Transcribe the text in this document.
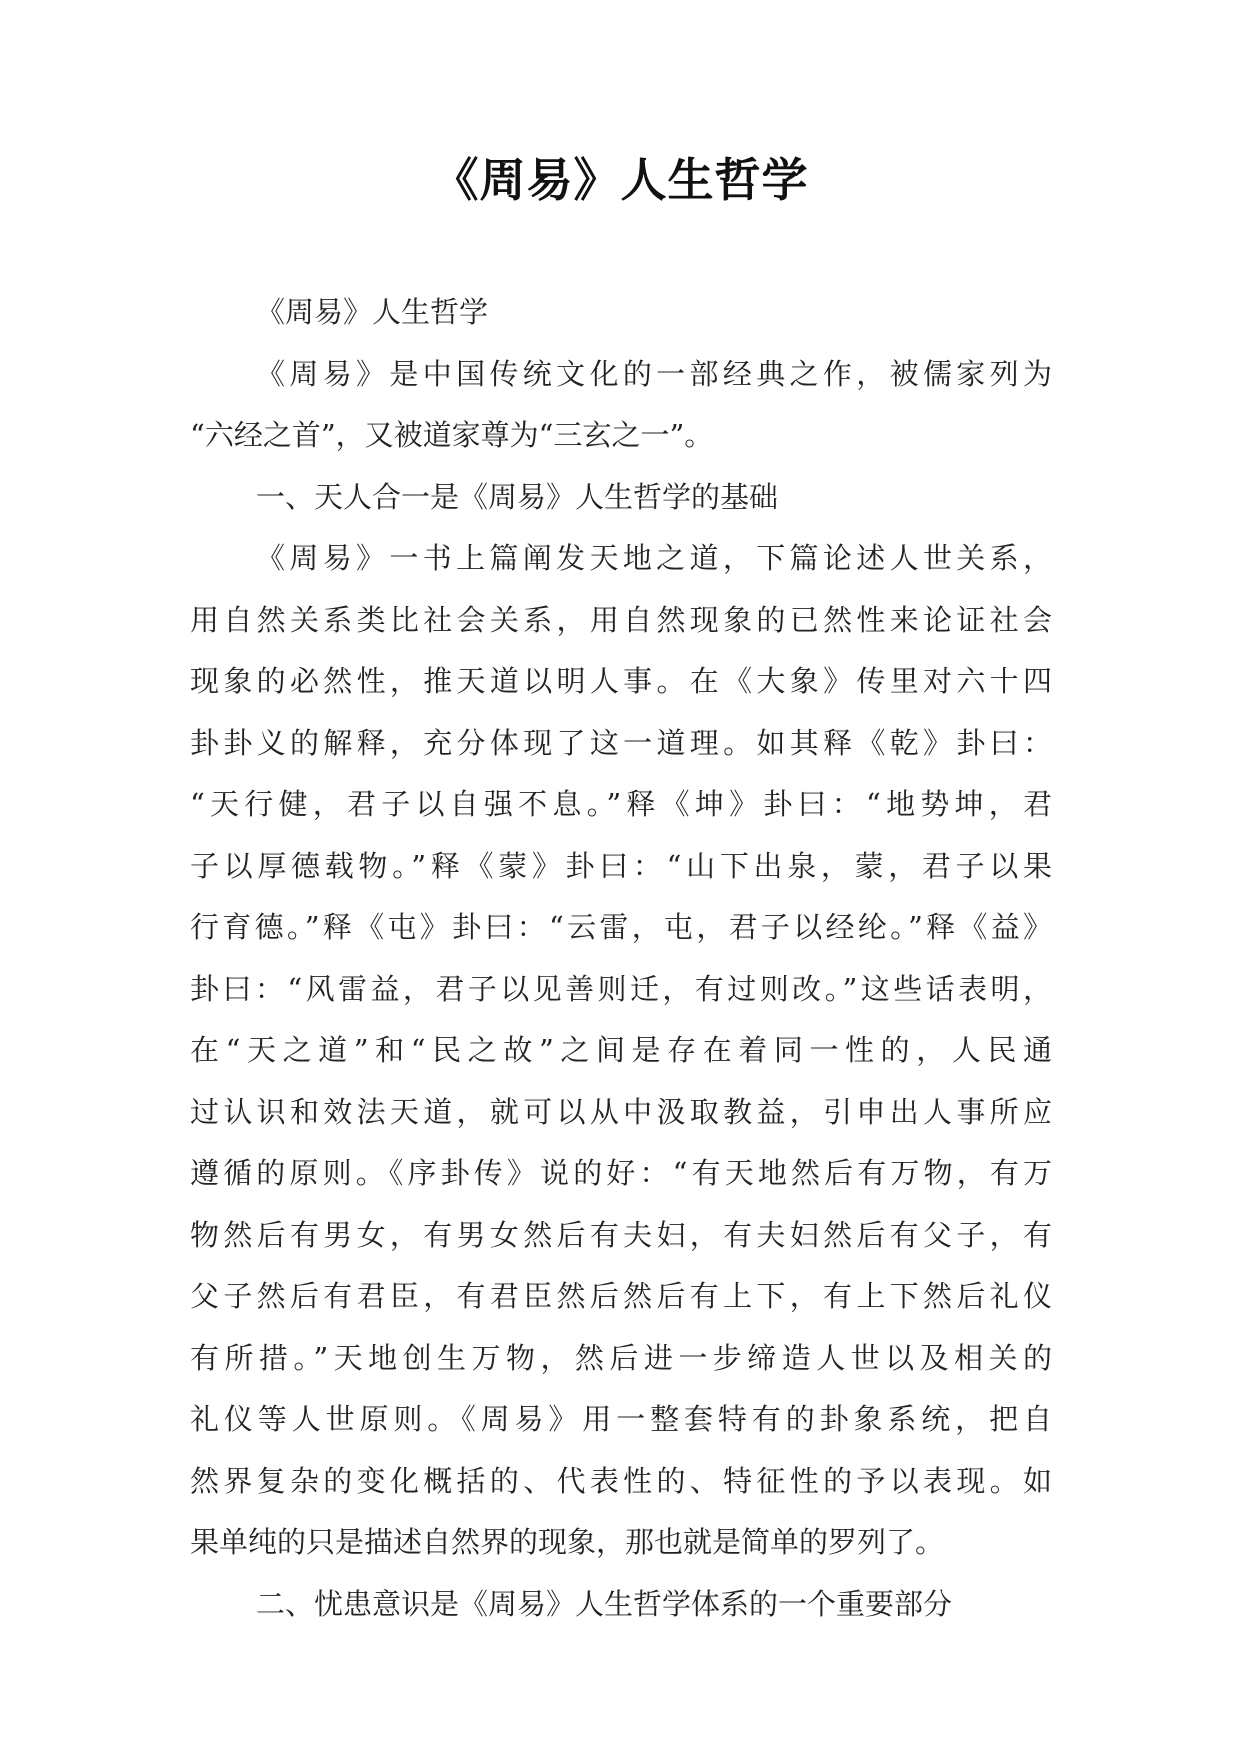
《周易》人生哲学
《周易》人生哲学
《周易》是中国传统文化的一部经典之作，被儒家列为
“六经之首”，又被道家尊为“三玄之一”。
一、天人合一是《周易》人生哲学的基础
《周易》一书上篇阐发天地之道，下篇论述人世关系，
用自然关系类比社会关系，用自然现象的已然性来论证社会
现象的必然性，推天道以明人事。在《大象》传里对六十四
卦卦义的解释，充分体现了这一道理。如其释《乾》卦曰：
“天行健，君子以自强不息。”释《坤》卦曰：“地势坤，君
子以厚德载物。”释《蒙》卦曰：“山下出泉，蒙，君子以果
行育德。”释《屯》卦曰：“云雷，屯，君子以经纶。”释《益》
卦曰：“风雷益，君子以见善则迁，有过则改。”这些话表明，
在“天之道”和“民之故”之间是存在着同一性的，人民通
过认识和效法天道，就可以从中汲取教益，引申出人事所应
遵循的原则。《序卦传》说的好：“有天地然后有万物，有万
物然后有男女，有男女然后有夫妇，有夫妇然后有父子，有
父子然后有君臣，有君臣然后然后有上下，有上下然后礼仪
有所措。”天地创生万物，然后进一步缔造人世以及相关的
礼仪等人世原则。《周易》用一整套特有的卦象系统，把自
然界复杂的变化概括的、代表性的、特征性的予以表现。如
果单纯的只是描述自然界的现象，那也就是简单的罗列了。
二、忧患意识是《周易》人生哲学体系的一个重要部分
